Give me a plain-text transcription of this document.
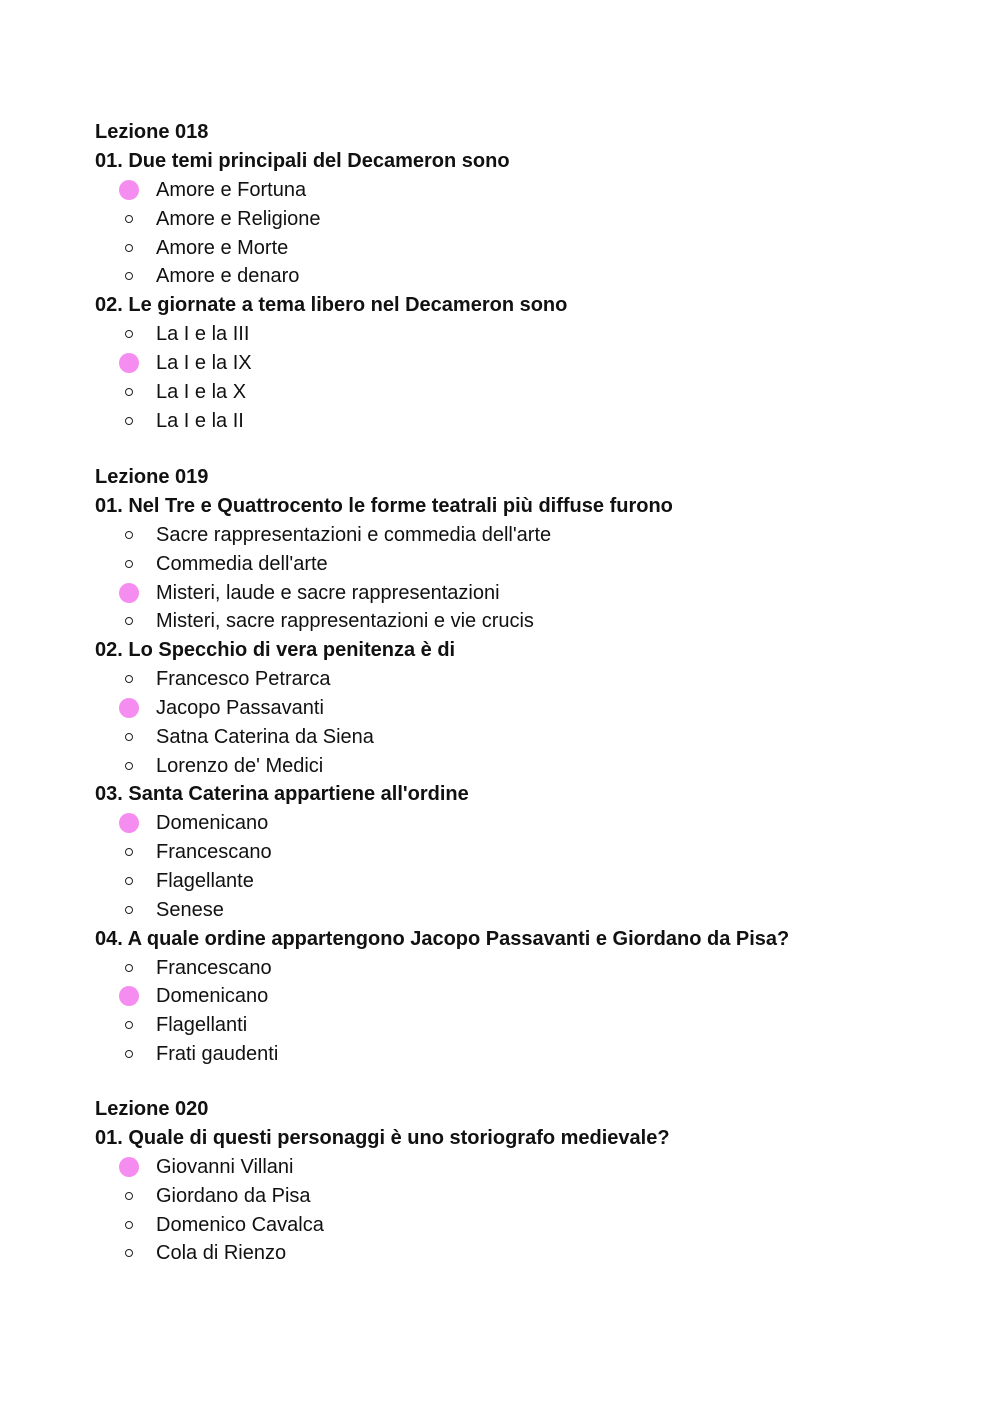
Lezione 018
01. Due temi principali del Decameron sono
Amore e Fortuna
Amore e Religione
Amore e Morte
Amore e denaro
02. Le giornate a tema libero nel Decameron sono
La I e la III
La I e la IX
La I e la X
La I e la II
Lezione 019
01. Nel Tre e Quattrocento le forme teatrali più diffuse furono
Sacre rappresentazioni e commedia dell'arte
Commedia dell'arte
Misteri, laude e sacre rappresentazioni
Misteri, sacre rappresentazioni e vie crucis
02. Lo Specchio di vera penitenza è di
Francesco Petrarca
Jacopo Passavanti
Satna Caterina da Siena
Lorenzo de' Medici
03. Santa Caterina appartiene all'ordine
Domenicano
Francescano
Flagellante
Senese
04. A quale ordine appartengono Jacopo Passavanti e Giordano da Pisa?
Francescano
Domenicano
Flagellanti
Frati gaudenti
Lezione 020
01. Quale di questi personaggi è uno storiografo medievale?
Giovanni Villani
Giordano da Pisa
Domenico Cavalca
Cola di Rienzo
